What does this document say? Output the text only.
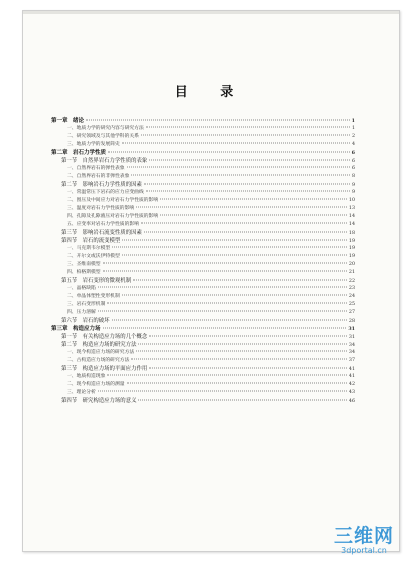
目 录
第一章　绪论	1
一、地质力学的研究内容与研究方法	1
二、研究领域及与其他学科的关系	2
三、地质力学的发展简史	4
第二章　岩石力学性质	6
第一节　自然界岩石力学性质的表象	6
一、自然界岩石的弹性表象	6
二、自然界岩石的非弹性表象	8
第二节　影响岩石力学性质的因素	9
一、常温常压下岩石的应力应变曲线	9
二、围压及中间应力对岩石力学性质的影响	10
三、温度对岩石力学性质的影响	13
四、孔隙及孔隙液压对岩石力学性质的影响	14
五、应变率对岩石力学性质的影响	14
第三节　影响岩石流变性质的因素	18
第四节　岩石的流变模型	19
一、马克斯韦尔模型	19
二、开尔文或沃伊特模型	19
三、圣维南模型	20
四、柏格斯模型	21
第五节　岩石变形的微观机制	22
一、晶格缺陷	23
二、单晶体塑性变形机制	24
三、岩石变形机制	25
四、压力溶解	27
第六节　岩石的破坏	28
第三章　构造应力场	31
第一节　有关构造应力场的几个概念	31
第二节　构造应力场的研究方法	34
一、现今构造应力场的研究方法	34
二、古构造应力场的研究方法	37
第三节　构造应力场的平面应力作用	41
一、地质构造现象	41
二、现今构造应力场的测量	42
三、理论分析	43
第四节　研究构造应力场的意义	46
三维网
3dportal.cn
